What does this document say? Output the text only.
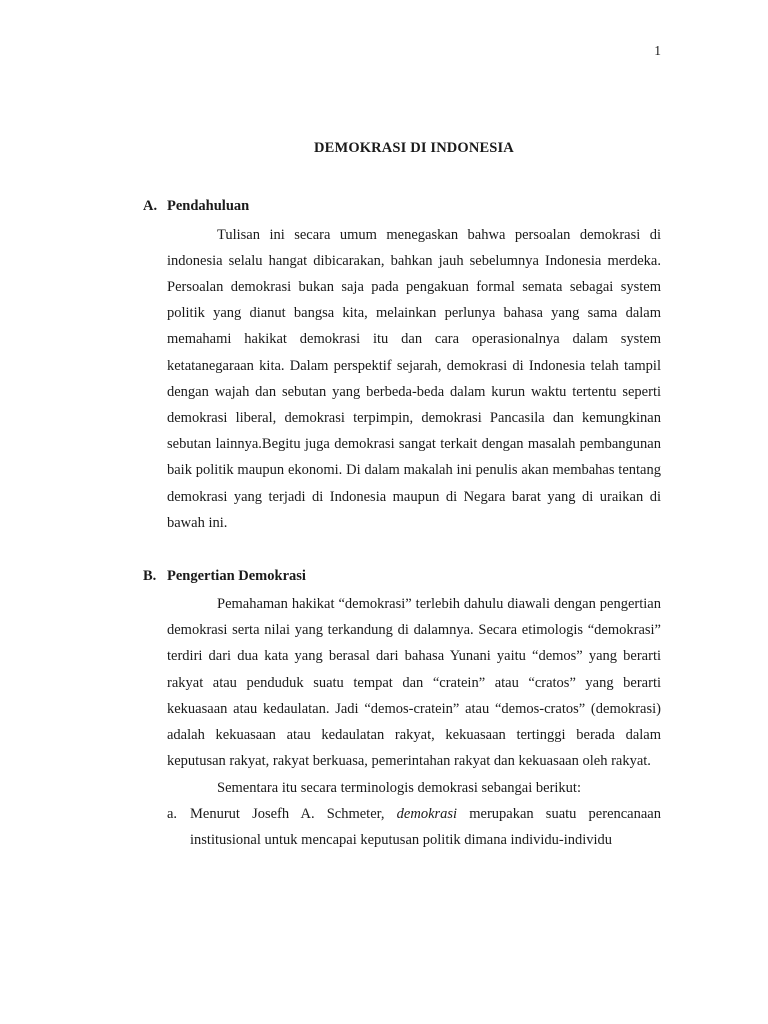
1
DEMOKRASI DI INDONESIA
A. Pendahuluan

Tulisan ini secara umum menegaskan bahwa persoalan demokrasi di indonesia selalu hangat dibicarakan, bahkan jauh sebelumnya Indonesia merdeka. Persoalan demokrasi bukan saja pada pengakuan formal semata sebagai system politik yang dianut bangsa kita, melainkan perlunya bahasa yang sama dalam memahami hakikat demokrasi itu dan cara operasionalnya dalam system ketatanegaraan kita. Dalam perspektif sejarah, demokrasi di Indonesia telah tampil dengan wajah dan sebutan yang berbeda-beda dalam kurun waktu tertentu seperti demokrasi liberal, demokrasi terpimpin, demokrasi Pancasila dan kemungkinan sebutan lainnya.Begitu juga demokrasi sangat terkait dengan masalah pembangunan baik politik maupun ekonomi. Di dalam makalah ini penulis akan membahas tentang demokrasi yang terjadi di Indonesia maupun di Negara barat yang di uraikan di bawah ini.

B. Pengertian Demokrasi

Pemahaman hakikat “demokrasi” terlebih dahulu diawali dengan pengertian demokrasi serta nilai yang terkandung di dalamnya. Secara etimologis “demokrasi” terdiri dari dua kata yang berasal dari bahasa Yunani yaitu “demos” yang berarti rakyat atau penduduk suatu tempat dan “cratein” atau “cratos” yang berarti kekuasaan atau kedaulatan. Jadi “demos-cratein” atau “demos-cratos” (demokrasi) adalah kekuasaan atau kedaulatan rakyat, kekuasaan tertinggi berada dalam keputusan rakyat, rakyat berkuasa, pemerintahan rakyat dan kekuasaan oleh rakyat.

Sementara itu secara terminologis demokrasi sebangai berikut:

a. Menurut Josefh A. Schmeter, demokrasi merupakan suatu perencanaan institusional untuk mencapai keputusan politik dimana individu-individu
